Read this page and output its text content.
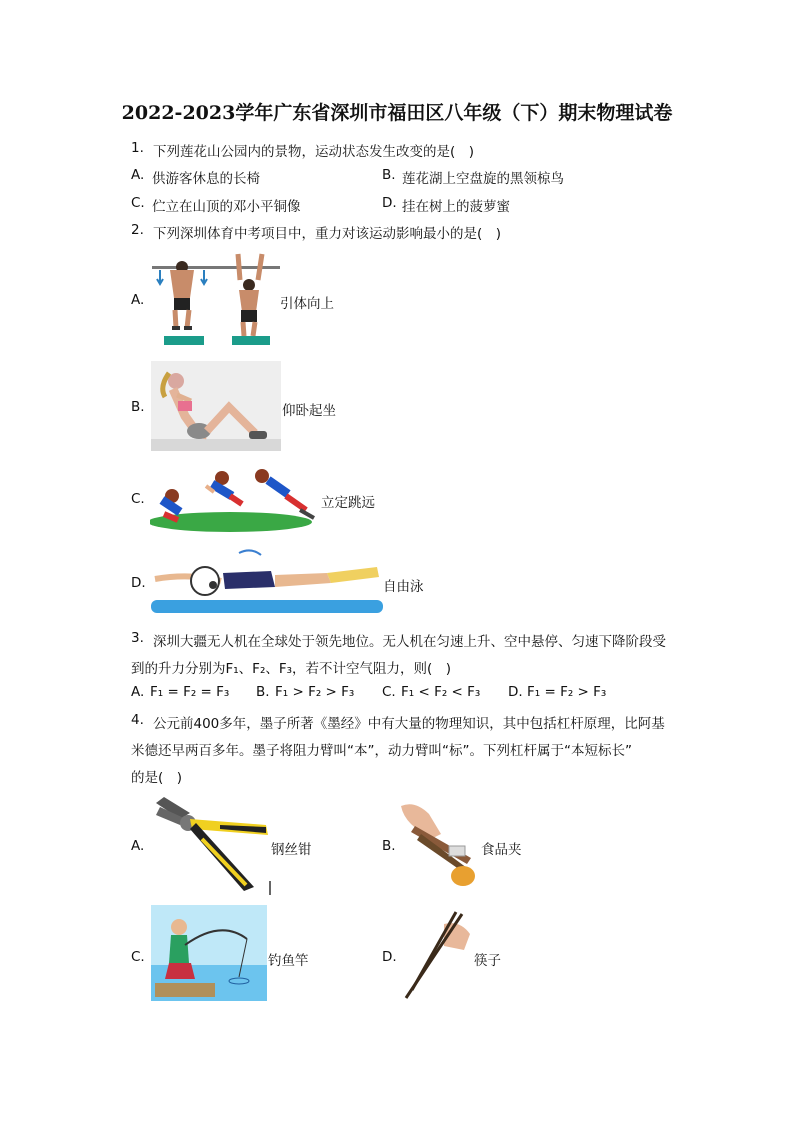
2022-2023学年广东省深圳市福田区八年级（下）期末物理试卷
1. 下列莲花山公园内的景物，运动状态发生改变的是(　)
A. 供游客休息的长椅	B. 莲花湖上空盘旋的黑领椋鸟
C. 伫立在山顶的邓小平铜像	D. 挂在树上的菠萝蜜
2. 下列深圳体育中考项目中，重力对该运动影响最小的是(　)
A.	引体向上
B.	仰卧起坐
C.	立定跳远
D.	自由泳
3. 深圳大疆无人机在全球处于领先地位。无人机在匀速上升、空中悬停、匀速下降阶段受
到的升力分别为F₁、F₂、F₃，若不计空气阻力，则(　)
A. F₁ = F₂ = F₃ B. F₁ > F₂ > F₃ C. F₁ < F₂ < F₃ D. F₁ = F₂ > F₃
4. 公元前400多年，墨子所著《墨经》中有大量的物理知识，其中包括杠杆原理，比阿基
米德还早两百多年。墨子将阻力臂叫“本”，动力臂叫“标”。下列杠杆属于“本短标长”
的是(　)
A.	钢丝钳	B.	食品夹
C.	钓鱼竿	D.	筷子
